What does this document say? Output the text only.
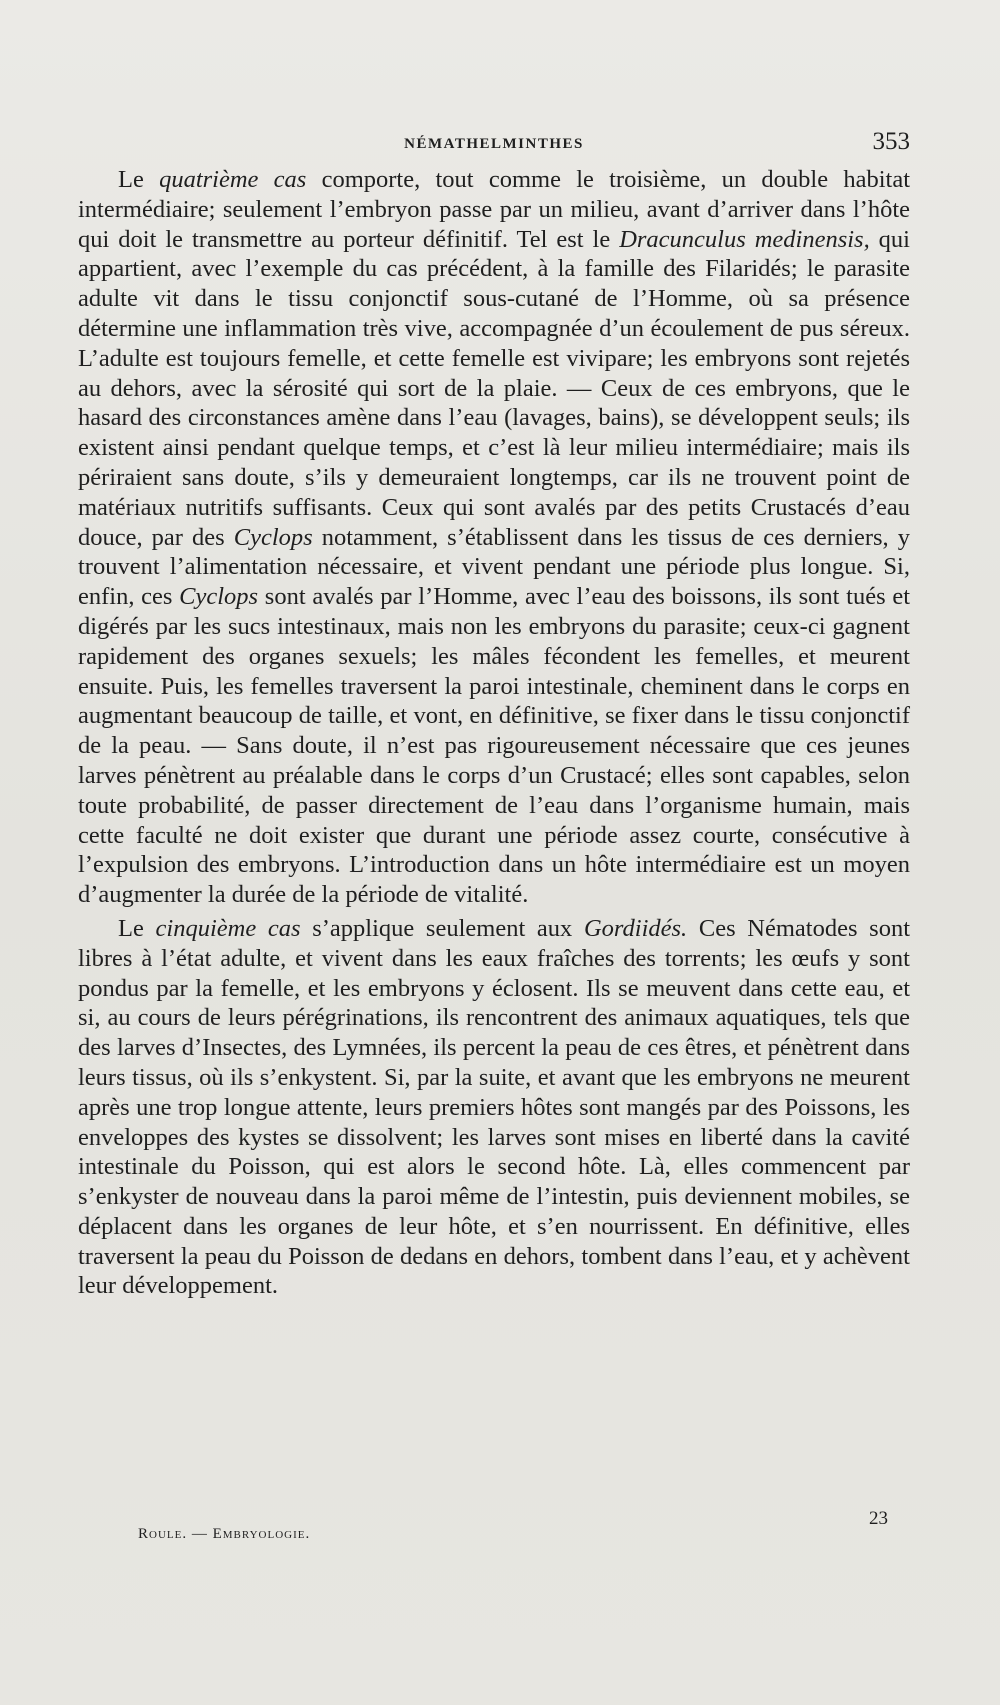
NÉMATHELMINTHES	353

Le quatrième cas comporte, tout comme le troisième, un double habitat intermédiaire; seulement l’embryon passe par un milieu, avant d’arriver dans l’hôte qui doit le transmettre au porteur définitif. Tel est le Dracunculus medinensis, qui appartient, avec l’exemple du cas précédent, à la famille des Filaridés; le parasite adulte vit dans le tissu conjonctif sous-cutané de l’Homme, où sa présence détermine une inflammation très vive, accompagnée d’un écoulement de pus séreux. L’adulte est toujours femelle, et cette femelle est vivipare; les embryons sont rejetés au dehors, avec la sérosité qui sort de la plaie. — Ceux de ces embryons, que le hasard des circonstances amène dans l’eau (lavages, bains), se développent seuls; ils existent ainsi pendant quelque temps, et c’est là leur milieu intermédiaire; mais ils périraient sans doute, s’ils y demeuraient longtemps, car ils ne trouvent point de matériaux nutritifs suffisants. Ceux qui sont avalés par des petits Crustacés d’eau douce, par des Cyclops notamment, s’établissent dans les tissus de ces derniers, y trouvent l’alimentation nécessaire, et vivent pendant une période plus longue. Si, enfin, ces Cyclops sont avalés par l’Homme, avec l’eau des boissons, ils sont tués et digérés par les sucs intestinaux, mais non les embryons du parasite; ceux-ci gagnent rapidement des organes sexuels; les mâles fécondent les femelles, et meurent ensuite. Puis, les femelles traversent la paroi intestinale, cheminent dans le corps en augmentant beaucoup de taille, et vont, en définitive, se fixer dans le tissu conjonctif de la peau. — Sans doute, il n’est pas rigoureusement nécessaire que ces jeunes larves pénètrent au préalable dans le corps d’un Crustacé; elles sont capables, selon toute probabilité, de passer directement de l’eau dans l’organisme humain, mais cette faculté ne doit exister que durant une période assez courte, consécutive à l’expulsion des embryons. L’introduction dans un hôte intermédiaire est un moyen d’augmenter la durée de la période de vitalité.

Le cinquième cas s’applique seulement aux Gordiidés. Ces Nématodes sont libres à l’état adulte, et vivent dans les eaux fraîches des torrents; les œufs y sont pondus par la femelle, et les embryons y éclosent. Ils se meuvent dans cette eau, et si, au cours de leurs pérégrinations, ils rencontrent des animaux aquatiques, tels que des larves d’Insectes, des Lymnées, ils percent la peau de ces êtres, et pénètrent dans leurs tissus, où ils s’enkystent. Si, par la suite, et avant que les embryons ne meurent après une trop longue attente, leurs premiers hôtes sont mangés par des Poissons, les enveloppes des kystes se dissolvent; les larves sont mises en liberté dans la cavité intestinale du Poisson, qui est alors le second hôte. Là, elles commencent par s’enkyster de nouveau dans la paroi même de l’intestin, puis deviennent mobiles, se déplacent dans les organes de leur hôte, et s’en nourrissent. En définitive, elles traversent la peau du Poisson de dedans en dehors, tombent dans l’eau, et y achèvent leur développement.

Roule. — Embryologie.
23
